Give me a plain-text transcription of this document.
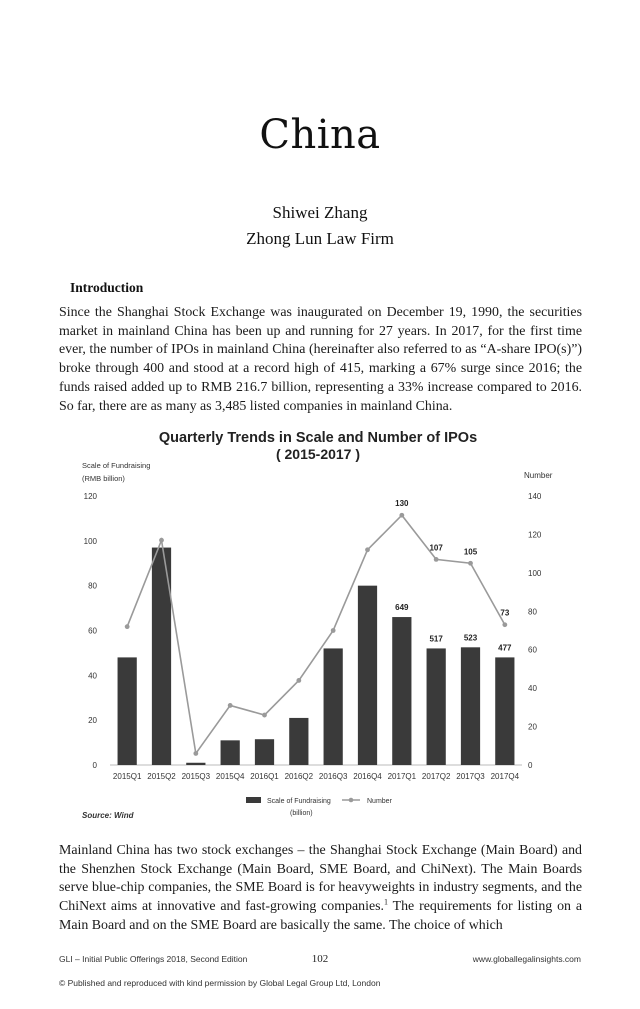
China
Shiwei Zhang
Zhong Lun Law Firm
Introduction

Since the Shanghai Stock Exchange was inaugurated on December 19, 1990, the securities market in mainland China has been up and running for 27 years. In 2017, for the first time ever, the number of IPOs in mainland China (hereinafter also referred to as “A-share IPO(s)”) broke through 400 and stood at a record high of 415, marking a 67% surge since 2016; the funds raised added up to RMB 216.7 billion, representing a 33% increase compared to 2016. So far, there are as many as 3,485 listed companies in mainland China.

Quarterly Trends in Scale and Number of IPOs
( 2015-2017 )
Scale of Fundraising
(RMB billion)	Number
0
20
40
60
80
100
120
0
20
40
60
80
100
120
140
2015Q1 2015Q2 2015Q3 2015Q4 2016Q1 2016Q2 2016Q3 2016Q4 2017Q1 2017Q2 2017Q3 2017Q4
649
517	523
477
130
107	105
73
Scale of Fundraising
(billion)
Number
Source: Wind

Mainland China has two stock exchanges – the Shanghai Stock Exchange (Main Board) and the Shenzhen Stock Exchange (Main Board, SME Board, and ChiNext). The Main Boards serve blue-chip companies, the SME Board is for heavyweights in industry segments, and the ChiNext aims at innovative and fast-growing companies.$^1$ The requirements for listing on a Main Board and on the SME Board are basically the same. The choice of which

GLI – Initial Public Offerings 2018, Second Edition	102	www.globallegalinsights.com
© Published and reproduced with kind permission by Global Legal Group Ltd, London
